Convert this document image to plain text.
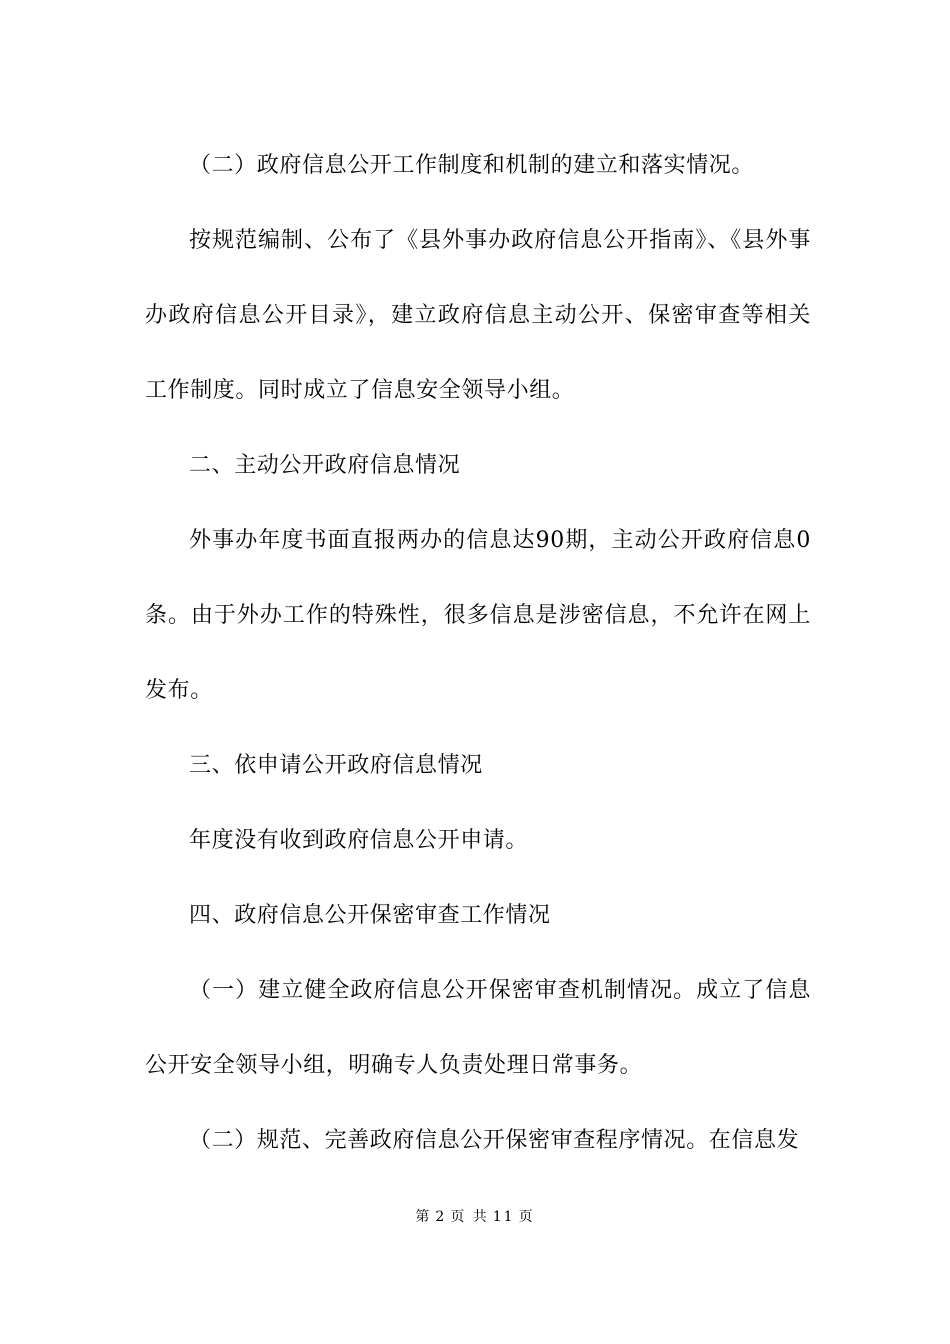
（二）政府信息公开工作制度和机制的建立和落实情况。

按规范编制、公布了《县外事办政府信息公开指南》、《县外事办政府信息公开目录》，建立政府信息主动公开、保密审查等相关工作制度。同时成立了信息安全领导小组。

二、主动公开政府信息情况

外事办年度书面直报两办的信息达90期，主动公开政府信息0条。由于外办工作的特殊性，很多信息是涉密信息，不允许在网上发布。

三、依申请公开政府信息情况

年度没有收到政府信息公开申请。

四、政府信息公开保密审查工作情况

（一）建立健全政府信息公开保密审查机制情况。成立了信息公开安全领导小组，明确专人负责处理日常事务。

（二）规范、完善政府信息公开保密审查程序情况。在信息发

第 2 页 共 11 页
